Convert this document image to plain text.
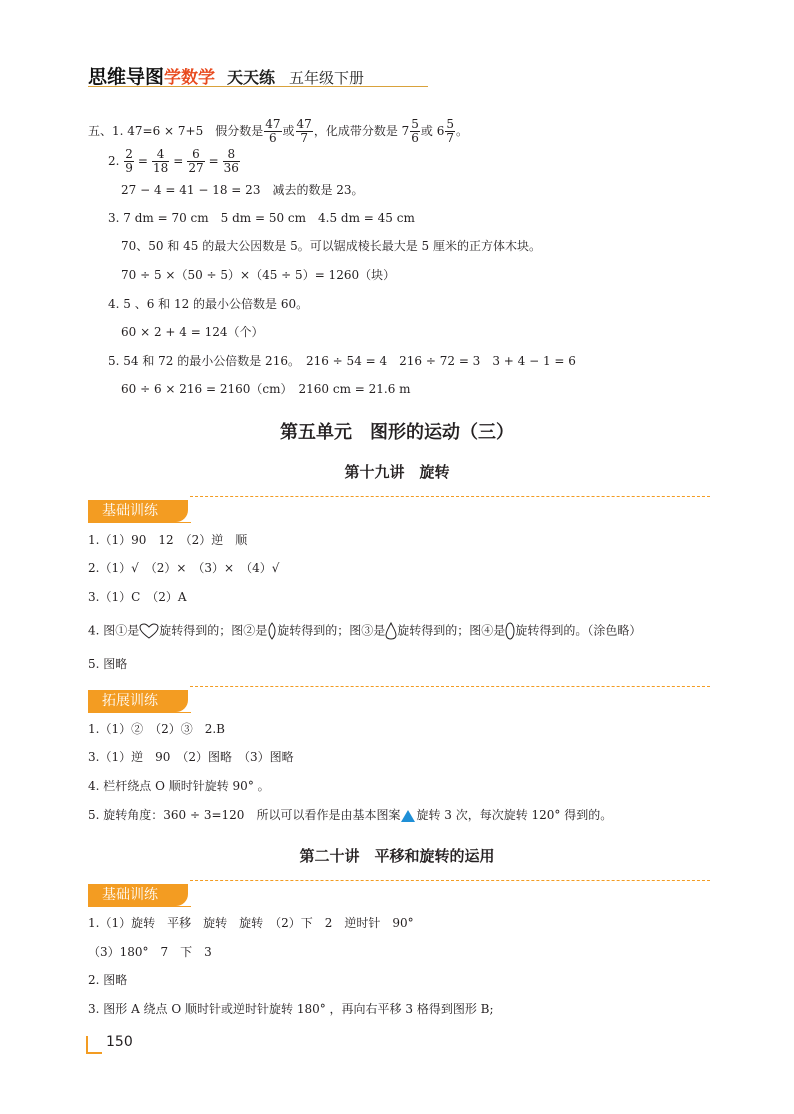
思维导图学数学 天天练 五年级下册
五、1. 47=6 × 7+5　假分数是 $\frac{47}{6}$ 或 $\frac{47}{7}$ ，化成带分数是 $7 \frac{5}{6}$ 或 $6 \frac{5}{7}$ 。
2. $\frac{2}{9} = \frac{4}{18} = \frac{6}{27} = \frac{8}{36}$
27 − 4 = 41 − 18 = 23　减去的数是 23。
3. 7 dm = 70 cm　5 dm = 50 cm　4.5 dm = 45 cm
70、50 和 45 的最大公因数是 5。可以锯成棱长最大是 5 厘米的正方体木块。
70 ÷ 5 ×（50 ÷ 5）×（45 ÷ 5）= 1260（块）
4. 5 、6 和 12 的最小公倍数是 60。
60 × 2 + 4 = 124（个）
5. 54 和 72 的最小公倍数是 216。　216 ÷ 54 = 4　216 ÷ 72 = 3　3 + 4 − 1 = 6
60 ÷ 6 × 216 = 2160（cm）　2160 cm = 21.6 m
第五单元　图形的运动（三）
第十九讲　旋转
基础训练
1.（1）90　12　（2）逆　顺
2.（1）√　（2）×　（3）×　（4）√
3.（1）C　（2）A
4. 图①是 旋转得到的；图②是 旋转得到的；图③是 旋转得到的；图④是 旋转得到的。（涂色略）
5. 图略
拓展训练
1.（1）②　（2）③　2.B
3.（1）逆　90　（2）图略　（3）图略
4. 栏杆绕点 O 顺时针旋转 90° 。
5. 旋转角度：360 ÷ 3=120　所以可以看作是由基本图案 旋转 3 次，每次旋转 120° 得到的。
第二十讲　平移和旋转的运用
基础训练
1.（1）旋转　平移　旋转　旋转　（2）下　2　逆时针　90°
（3）180°　7　下　3
2. 图略
3. 图形 A 绕点 O 顺时针或逆时针旋转 180° ，再向右平移 3 格得到图形 B;
150
